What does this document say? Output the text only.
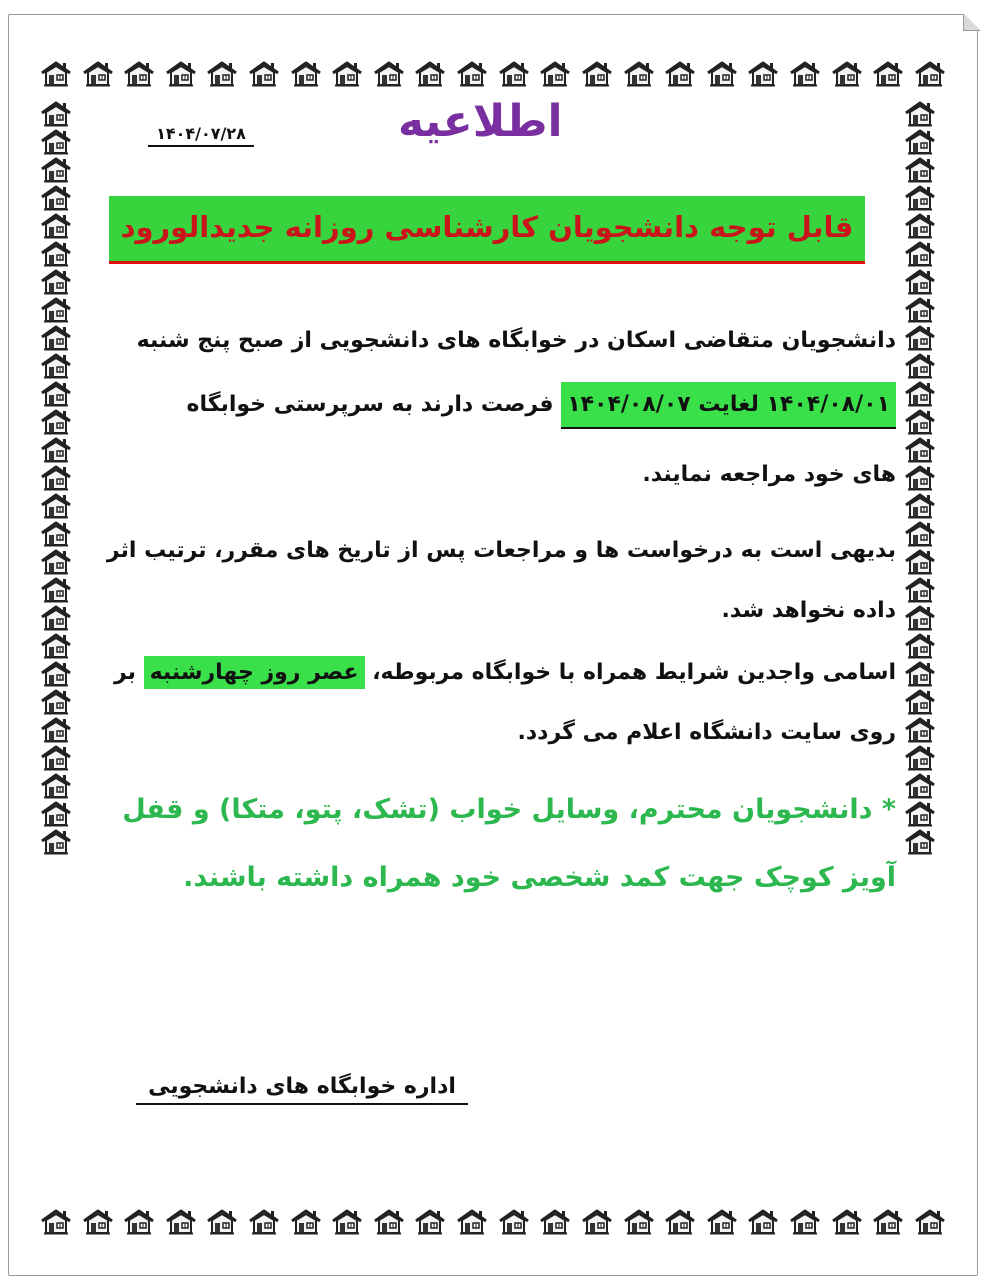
اطلاعیه
۱۴۰۴/۰۷/۲۸
قابل توجه دانشجویان کارشناسی روزانه جدیدالورود
دانشجویان متقاضی اسکان در خوابگاه های دانشجویی از صبح پنج شنبه
۱۴۰۴/۰۸/۰۱ لغایت ۱۴۰۴/۰۸/۰۷ فرصت دارند به سرپرستی خوابگاه
های خود مراجعه نمایند.
بدیهی است به درخواست ها و مراجعات پس از تاریخ های مقرر، ترتیب اثر
داده نخواهد شد.
اسامی واجدین شرایط همراه با خوابگاه مربوطه، عصر روز چهارشنبه بر
روی سایت دانشگاه اعلام می گردد.
* دانشجویان محترم، وسایل خواب (تشک، پتو، متکا) و قفل
آویز کوچک جهت کمد شخصی خود همراه داشته باشند.
اداره خوابگاه های دانشجویی
